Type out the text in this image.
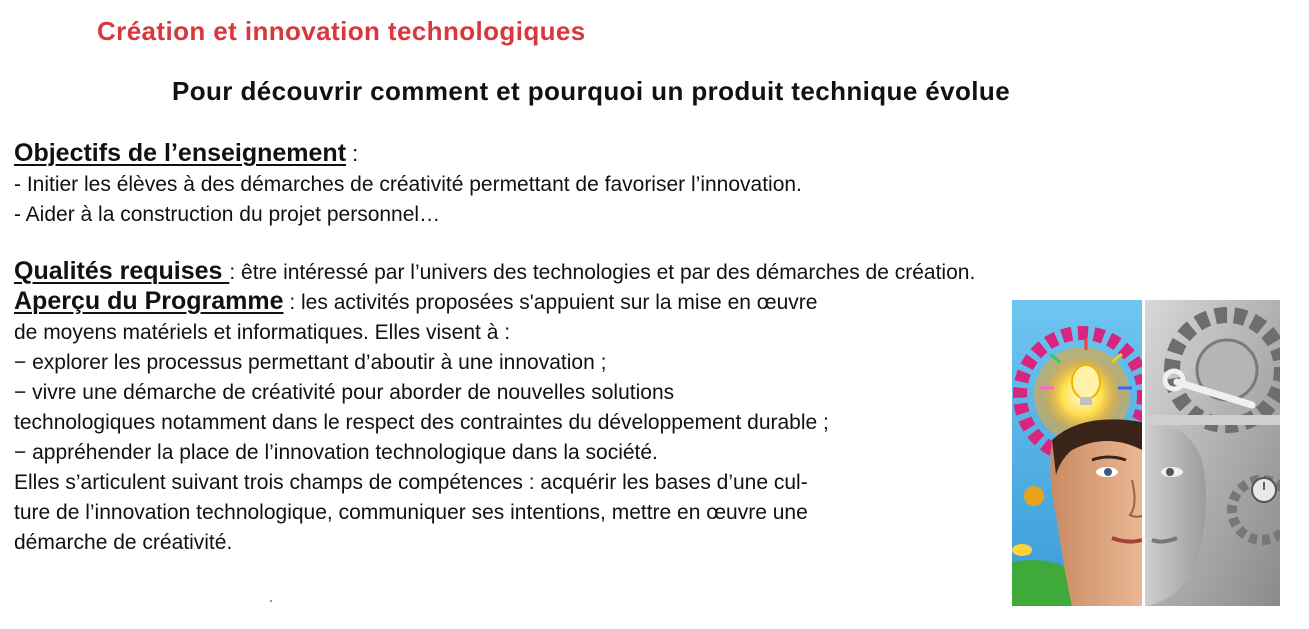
Création et innovation technologiques
Pour découvrir comment et pourquoi un produit technique évolue
Objectifs de l’enseignement :
- Initier les élèves à des démarches de créativité permettant de favoriser l’innovation.
- Aider à la construction du projet personnel…
Qualités requises : être intéressé par l’univers des technologies et par des démarches de création.
Aperçu du Programme : les activités proposées s'appuient sur la mise en œuvre
de moyens matériels et informatiques. Elles visent à :
− explorer les processus permettant d’aboutir à une innovation ;
− vivre une démarche de créativité pour aborder de nouvelles solutions
technologiques notamment dans le respect des contraintes du développement durable ;
− appréhender la place de l’innovation technologique dans la société.
Elles s’articulent suivant trois champs de compétences : acquérir les bases d’une cul-
ture de l’innovation technologique, communiquer ses intentions, mettre en œuvre une
démarche de créativité.
